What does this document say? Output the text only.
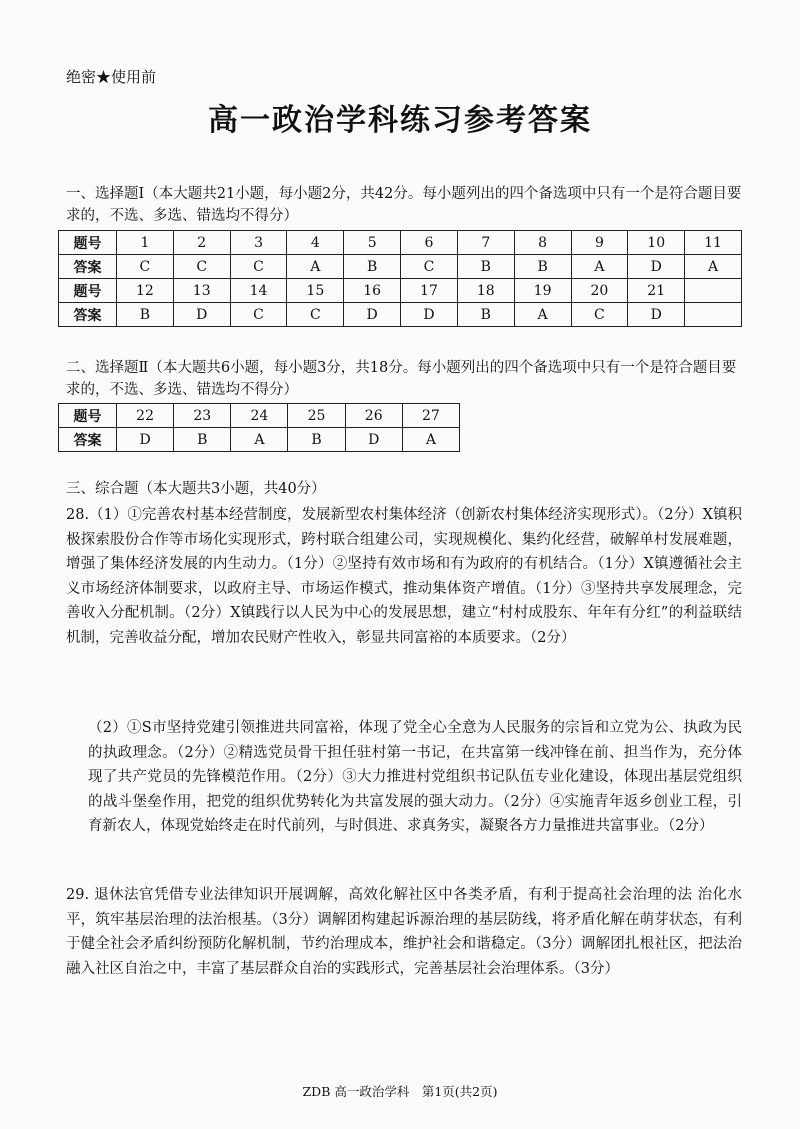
绝密★使用前
高一政治学科练习参考答案
一、选择题Ⅰ（本大题共21小题，每小题2分，共42分。每小题列出的四个备选项中只有一个是符合题目要求的，不选、多选、错选均不得分）
题号	1	2	3	4	5	6	7	8	9	10	11
答案	C	C	C	A	B	C	B	B	A	D	A
题号	12	13	14	15	16	17	18	19	20	21	
答案	B	D	C	C	D	D	B	A	C	D	
二、选择题Ⅱ（本大题共6小题，每小题3分，共18分。每小题列出的四个备选项中只有一个是符合题目要求的，不选、多选、错选均不得分）
题号	22	23	24	25	26	27
答案	D	B	A	B	D	A
三、综合题（本大题共3小题，共40分）
28.（1）①完善农村基本经营制度，发展新型农村集体经济（创新农村集体经济实现形式）。（2分）X镇积极探索股份合作等市场化实现形式，跨村联合组建公司，实现规模化、集约化经营，破解单村发展难题，增强了集体经济发展的内生动力。（1分）②坚持有效市场和有为政府的有机结合。（1分）X镇遵循社会主义市场经济体制要求，以政府主导、市场运作模式，推动集体资产增值。（1分）③坚持共享发展理念，完善收入分配机制。（2分）X镇践行以人民为中心的发展思想，建立“村村成股东、年年有分红”的利益联结机制，完善收益分配，增加农民财产性收入，彰显共同富裕的本质要求。（2分）
（2）①S市坚持党建引领推进共同富裕，体现了党全心全意为人民服务的宗旨和立党为公、执政为民的执政理念。（2分）②精选党员骨干担任驻村第一书记，在共富第一线冲锋在前、担当作为，充分体现了共产党员的先锋模范作用。（2分）③大力推进村党组织书记队伍专业化建设，体现出基层党组织的战斗堡垒作用，把党的组织优势转化为共富发展的强大动力。（2分）④实施青年返乡创业工程，引育新农人，体现党始终走在时代前列，与时俱进、求真务实，凝聚各方力量推进共富事业。（2分）
29. 退休法官凭借专业法律知识开展调解，高效化解社区中各类矛盾，有利于提高社会治理的法 治化水平，筑牢基层治理的法治根基。（3分）调解团构建起诉源治理的基层防线，将矛盾化解在萌芽状态，有利于健全社会矛盾纠纷预防化解机制，节约治理成本，维护社会和谐稳定。（3分）调解团扎根社区，把法治融入社区自治之中，丰富了基层群众自治的实践形式，完善基层社会治理体系。（3分）
ZDB 高一政治学科　第1页(共2页)
